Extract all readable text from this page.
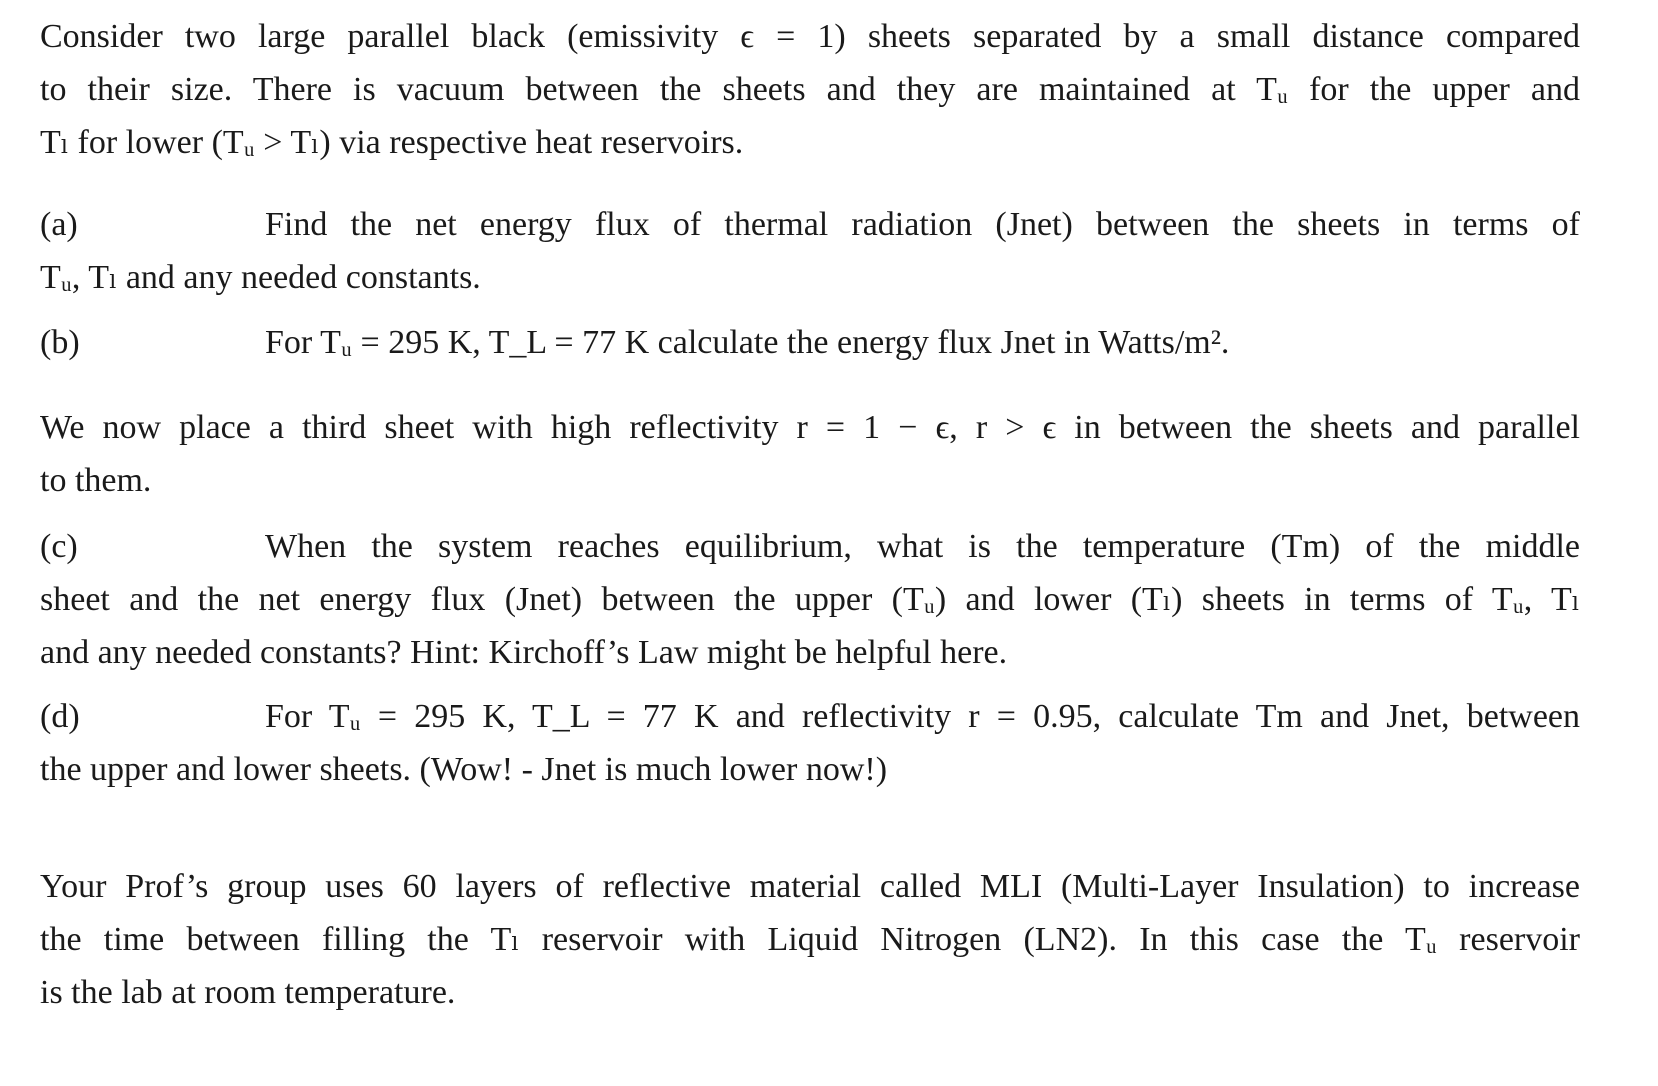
Consider two large parallel black (emissivity ϵ = 1) sheets separated by a small distance compared
to their size. There is vacuum between the sheets and they are maintained at Tᵤ for the upper and
Tₗ for lower (Tᵤ > Tₗ) via respective heat reservoirs.
(a)	Find the net energy flux of thermal radiation (Jnet) between the sheets in terms of
Tᵤ, Tₗ and any needed constants.
(b)	For Tᵤ = 295 K, T_L = 77 K calculate the energy flux Jnet in Watts/m².
We now place a third sheet with high reflectivity r = 1 − ϵ, r > ϵ in between the sheets and parallel
to them.
(c)	When the system reaches equilibrium, what is the temperature (Tm) of the middle
sheet and the net energy flux (Jnet) between the upper (Tᵤ) and lower (Tₗ) sheets in terms of Tᵤ, Tₗ
and any needed constants? Hint: Kirchoff’s Law might be helpful here.
(d)	For Tᵤ = 295 K, T_L = 77 K and reflectivity r = 0.95, calculate Tm and Jnet, between
the upper and lower sheets. (Wow! - Jnet is much lower now!)
Your Prof’s group uses 60 layers of reflective material called MLI (Multi-Layer Insulation) to increase
the time between filling the Tₗ reservoir with Liquid Nitrogen (LN2). In this case the Tᵤ reservoir
is the lab at room temperature.
